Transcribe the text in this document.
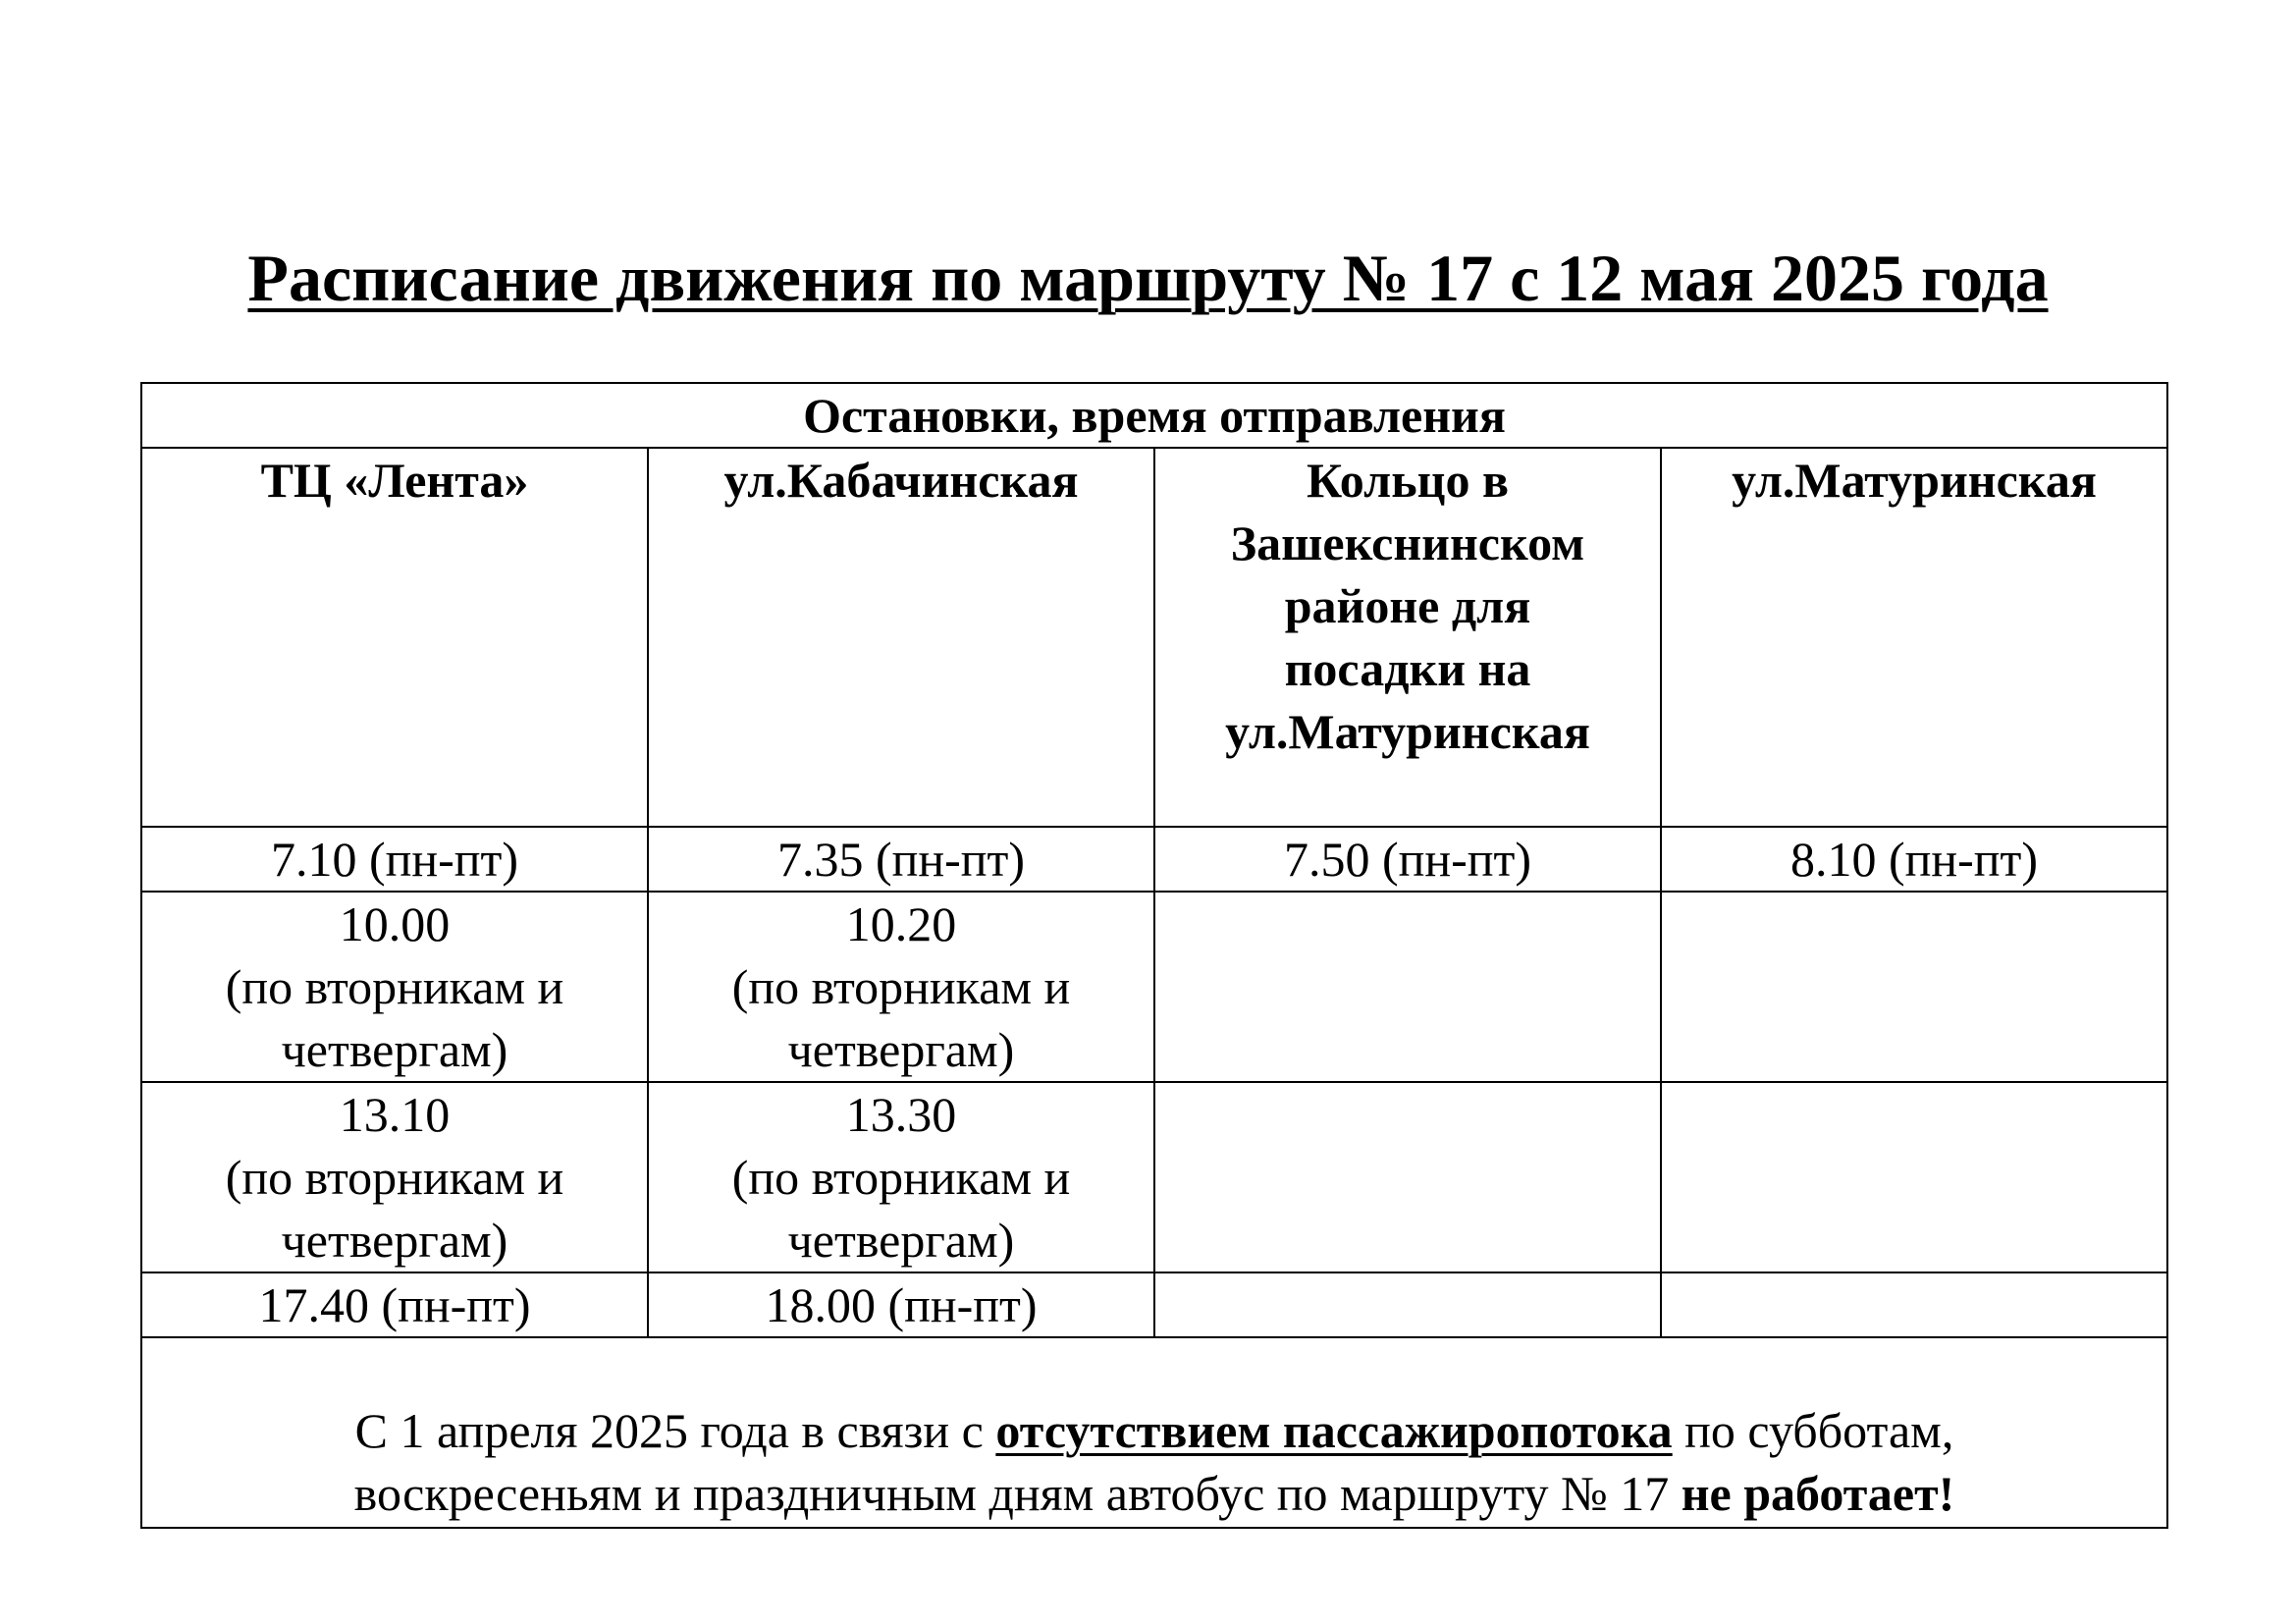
Расписание движения по маршруту № 17 с 12 мая 2025 года
Остановки, время отправления			

ТЦ «Лента»	ул.Кабачинская	Кольцо в
Зашекснинском
районе для
посадки на
ул.Матуринская	ул.Матуринская

7.10 (пн-пт)	7.35 (пн-пт)	7.50 (пн-пт)	8.10 (пн-пт)

10.00
(по вторникам и
четвергам)	10.20
(по вторникам и
четвергам)		

13.10
(по вторникам и
четвергам)	13.30
(по вторникам и
четвергам)		

17.40 (пн-пт)	18.00 (пн-пт)		

С 1 апреля 2025 года в связи с отсутствием пассажиропотока по субботам,
воскресеньям и праздничным дням автобус по маршруту № 17 не работает!			
